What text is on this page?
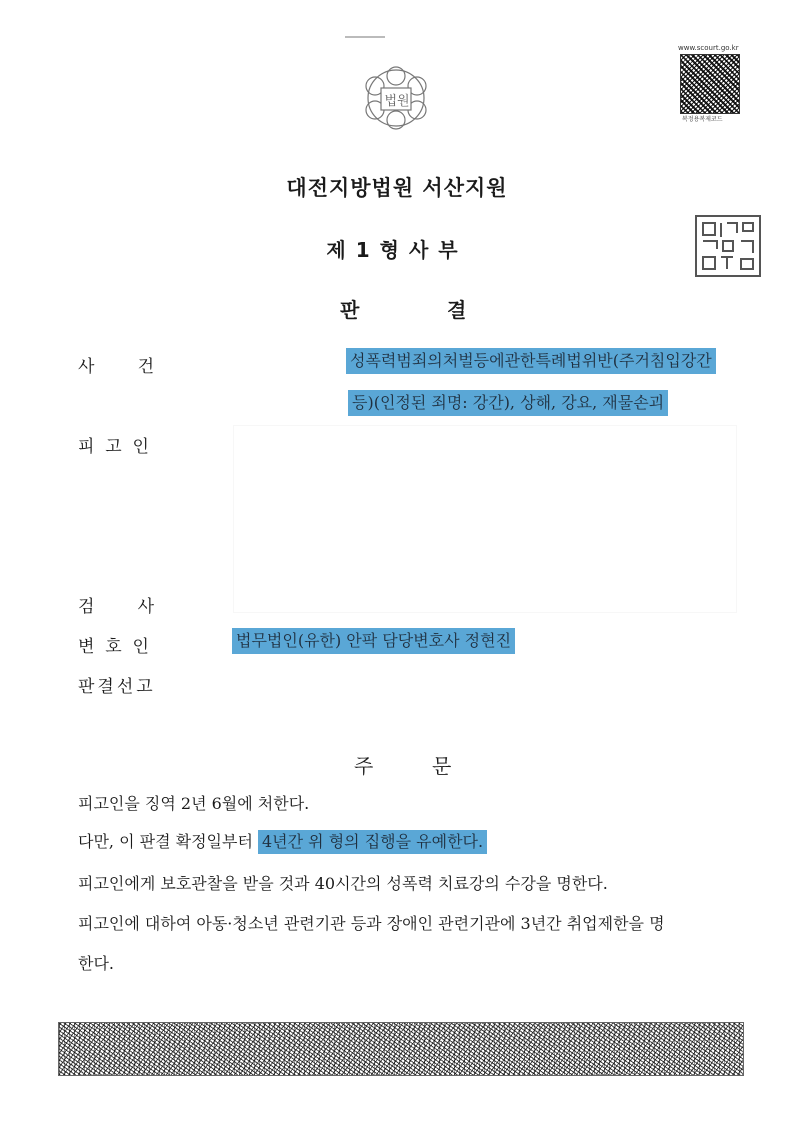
법원
www.scourt.go.kr
복정용복제코드
대전지방법원 서산지원
제1형사부
판	결
사        건	성폭력범죄의처벌등에관한특례법위반(주거침입강간
등)(인정된 죄명: 강간), 상해, 강요, 재물손괴
피  고  인
검        사
변  호  인	법무법인(유한) 안팍 담당변호사 정현진
판결선고
주	문
피고인을 징역 2년 6월에 처한다.
다만, 이 판결 확정일부터 4년간 위 형의 집행을 유예한다.
피고인에게 보호관찰을 받을 것과 40시간의 성폭력 치료강의 수강을 명한다.
피고인에 대하여 아동·청소년 관련기관 등과 장애인 관련기관에 3년간 취업제한을 명
한다.
